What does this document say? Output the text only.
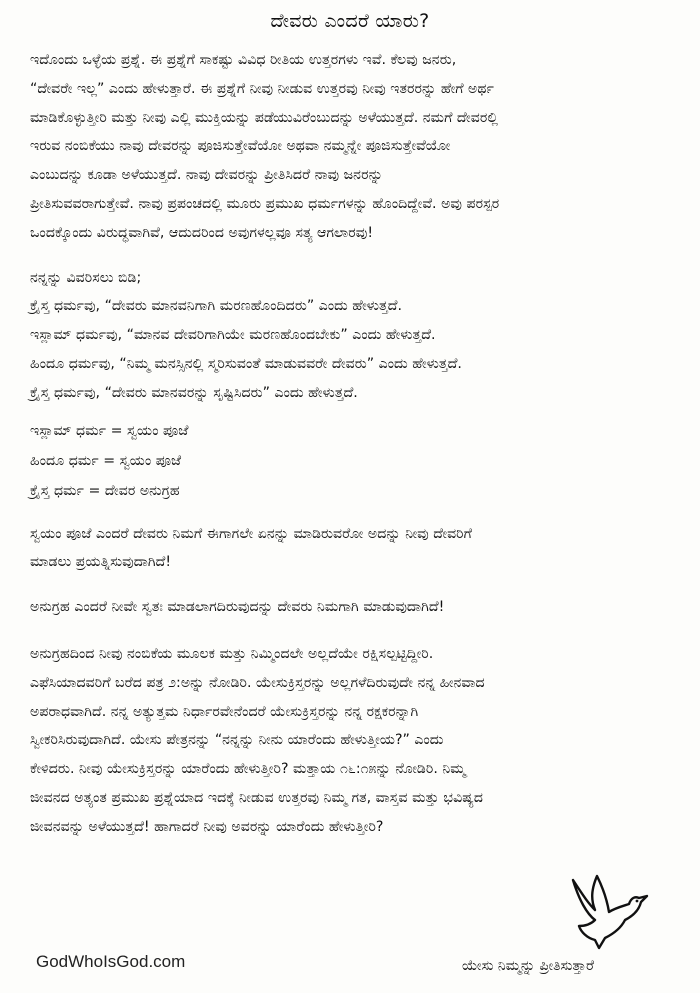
ದೇವರು ಎಂದರೆ ಯಾರು?
ಇದೊಂದು ಒಳ್ಳೆಯ ಪ್ರಶ್ನೆ. ಈ ಪ್ರಶ್ನೆಗೆ ಸಾಕಷ್ಟು ವಿವಿಧ ರೀತಿಯ ಉತ್ತರಗಳು ಇವೆ. ಕೆಲವು ಜನರು,
“ದೇವರೇ ಇಲ್ಲ” ಎಂದು ಹೇಳುತ್ತಾರೆ. ಈ ಪ್ರಶ್ನೆಗೆ ನೀವು ನೀಡುವ ಉತ್ತರವು ನೀವು ಇತರರನ್ನು ಹೇಗೆ ಅರ್ಥ
ಮಾಡಿಕೊಳ್ಳುತ್ತೀರಿ ಮತ್ತು ನೀವು ಎಲ್ಲಿ ಮುಕ್ತಿಯನ್ನು ಪಡೆಯುವಿರೆಂಬುದನ್ನು ಅಳೆಯುತ್ತದೆ. ನಮಗೆ ದೇವರಲ್ಲಿ
ಇರುವ ನಂಬಿಕೆಯು ನಾವು ದೇವರನ್ನು ಪೂಜಿಸುತ್ತೇವೆಯೋ ಅಥವಾ ನಮ್ಮನ್ನೇ ಪೂಜಿಸುತ್ತೇವೆಯೋ
ಎಂಬುದನ್ನು ಕೂಡಾ ಅಳೆಯುತ್ತದೆ. ನಾವು ದೇವರನ್ನು ಪ್ರೀತಿಸಿದರೆ ನಾವು ಜನರನ್ನು
ಪ್ರೀತಿಸುವವರಾಗುತ್ತೇವೆ. ನಾವು ಪ್ರಪಂಚದಲ್ಲಿ ಮೂರು ಪ್ರಮುಖ ಧರ್ಮಗಳನ್ನು ಹೊಂದಿದ್ದೇವೆ. ಅವು ಪರಸ್ಪರ
ಒಂದಕ್ಕೊಂದು ವಿರುದ್ಧವಾಗಿವೆ, ಆದುದರಿಂದ ಅವುಗಳಲ್ಲವೂ ಸತ್ಯ ಆಗಲಾರವು!
ನನ್ನನ್ನು ವಿವರಿಸಲು ಬಿಡಿ;
ಕ್ರೈಸ್ತ ಧರ್ಮವು, “ದೇವರು ಮಾನವನಿಗಾಗಿ ಮರಣಹೊಂದಿದರು” ಎಂದು ಹೇಳುತ್ತದೆ.
ಇಸ್ಲಾಮ್ ಧರ್ಮವು, “ಮಾನವ ದೇವರಿಗಾಗಿಯೇ ಮರಣಹೊಂದಬೇಕು” ಎಂದು ಹೇಳುತ್ತದೆ.
ಹಿಂದೂ ಧರ್ಮವು, “ನಿಮ್ಮ ಮನಸ್ಸಿನಲ್ಲಿ ಸ್ಮರಿಸುವಂತೆ ಮಾಡುವವರೇ ದೇವರು” ಎಂದು ಹೇಳುತ್ತದೆ.
ಕ್ರೈಸ್ತ ಧರ್ಮವು, “ದೇವರು ಮಾನವರನ್ನು ಸೃಷ್ಟಿಸಿದರು” ಎಂದು ಹೇಳುತ್ತದೆ.
ಇಸ್ಲಾಮ್ ಧರ್ಮ = ಸ್ವಯಂ ಪೂಜೆ
ಹಿಂದೂ ಧರ್ಮ = ಸ್ವಯಂ ಪೂಜೆ
ಕ್ರೈಸ್ತ ಧರ್ಮ = ದೇವರ ಅನುಗ್ರಹ
ಸ್ವಯಂ ಪೂಜೆ ಎಂದರೆ ದೇವರು ನಿಮಗೆ ಈಗಾಗಲೇ ಏನನ್ನು ಮಾಡಿರುವರೋ ಅದನ್ನು ನೀವು ದೇವರಿಗೆ
ಮಾಡಲು ಪ್ರಯತ್ನಿಸುವುದಾಗಿದೆ!
ಅನುಗ್ರಹ ಎಂದರೆ ನೀವೇ ಸ್ವತಃ ಮಾಡಲಾಗದಿರುವುದನ್ನು ದೇವರು ನಿಮಗಾಗಿ ಮಾಡುವುದಾಗಿದೆ!
ಅನುಗ್ರಹದಿಂದ ನೀವು ನಂಬಿಕೆಯ ಮೂಲಕ ಮತ್ತು ನಿಮ್ಮಿಂದಲೇ ಅಲ್ಲದೆಯೇ ರಕ್ಷಿಸಲ್ಪಟ್ಟಿದ್ದೀರಿ.
ಎಫೆಸಿಯಾದವರಿಗೆ ಬರೆದ ಪತ್ರ ೨:ಅನ್ನು ನೋಡಿರಿ. ಯೇಸುಕ್ರಿಸ್ತರನ್ನು ಅಲ್ಲಗಳೆದಿರುವುದೇ ನನ್ನ ಹೀನವಾದ
ಅಪರಾಧವಾಗಿದೆ. ನನ್ನ ಅತ್ಯುತ್ತಮ ನಿರ್ಧಾರವೇನೆಂದರೆ ಯೇಸುಕ್ರಿಸ್ತರನ್ನು ನನ್ನ ರಕ್ಷಕರನ್ನಾಗಿ
ಸ್ವೀಕರಿಸಿರುವುದಾಗಿದೆ. ಯೇಸು ಪೇತ್ರನನ್ನು “ನನ್ನನ್ನು ನೀನು ಯಾರೆಂದು ಹೇಳುತ್ತೀಯ?” ಎಂದು
ಕೇಳಿದರು. ನೀವು ಯೇಸುಕ್ರಿಸ್ತರನ್ನು ಯಾರೆಂದು ಹೇಳುತ್ತೀರಿ? ಮತ್ತಾಯ ೧೬:೧೫ನ್ನು ನೋಡಿರಿ. ನಿಮ್ಮ
ಜೀವನದ ಅತ್ಯಂತ ಪ್ರಮುಖ ಪ್ರಶ್ನೆಯಾದ ಇದಕ್ಕೆ ನೀಡುವ ಉತ್ತರವು ನಿಮ್ಮ ಗತ, ವಾಸ್ತವ ಮತ್ತು ಭವಿಷ್ಯದ
ಜೀವನವನ್ನು ಅಳೆಯುತ್ತದೆ! ಹಾಗಾದರೆ ನೀವು ಅವರನ್ನು ಯಾರೆಂದು ಹೇಳುತ್ತೀರಿ?
GodWhoIsGod.com	ಯೇಸು ನಿಮ್ಮನ್ನು ಪ್ರೀತಿಸುತ್ತಾರೆ
